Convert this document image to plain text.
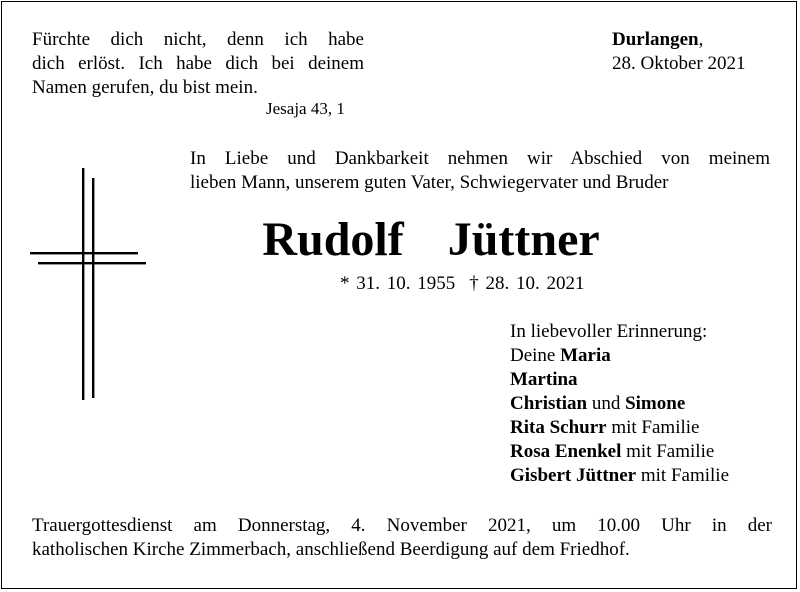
Fürchte dich nicht, denn ich habe
dich erlöst. Ich habe dich bei deinem
Namen gerufen, du bist mein.
Jesaja 43, 1
Durlangen,
28. Oktober 2021
In Liebe und Dankbarkeit nehmen wir Abschied von meinem
lieben Mann, unserem guten Vater, Schwiegervater und Bruder
Rudolf  Jüttner
* 31. 10. 1955 † 28. 10. 2021
In liebevoller Erinnerung:
Deine Maria
Martina
Christian und Simone
Rita Schurr mit Familie
Rosa Enenkel mit Familie
Gisbert Jüttner mit Familie
Trauergottesdienst am Donnerstag, 4. November 2021, um 10.00 Uhr in der
katholischen Kirche Zimmerbach, anschließend Beerdigung auf dem Friedhof.
